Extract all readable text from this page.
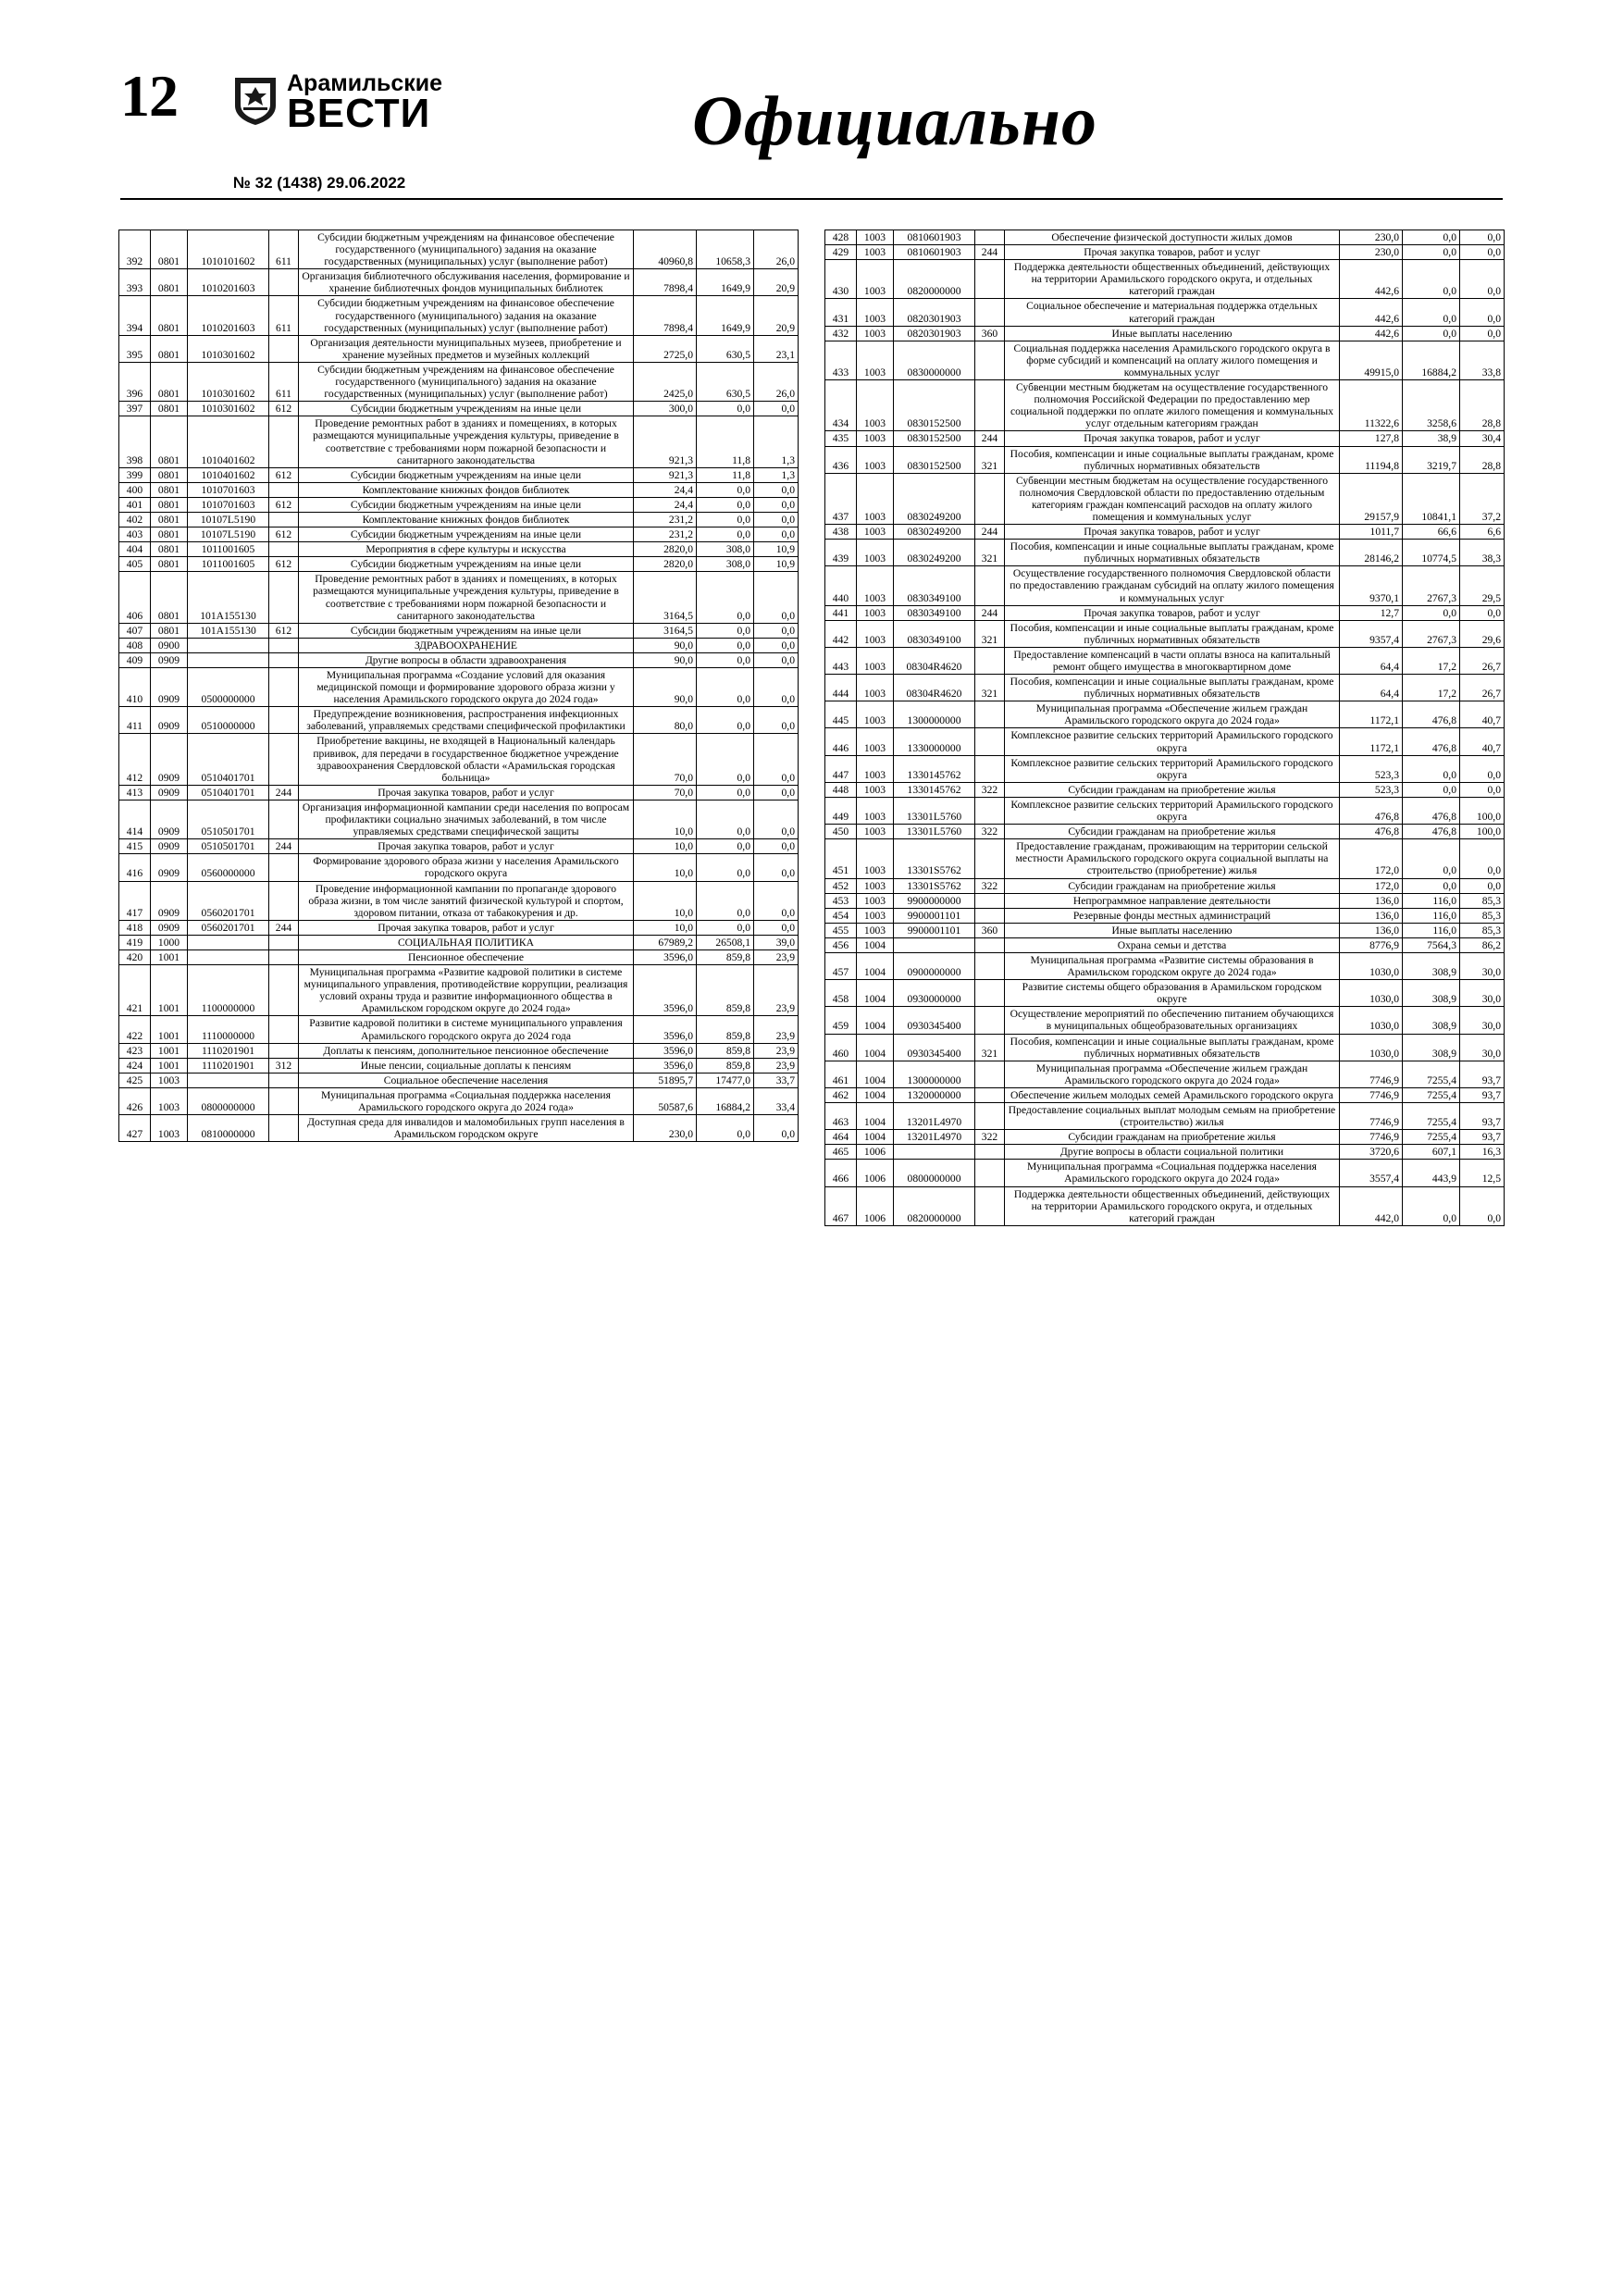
12	Арамильские
ВЕСТИ
№ 32 (1438) 29.06.2022
Официально
392	0801	1010101602	611	Субсидии бюджетным учреждениям на финансовое обеспечение государственного (муниципального) задания на оказание государственных (муниципальных) услуг (выполнение работ)	40960,8	10658,3	26,0
393	0801	1010201603		Организация библиотечного обслуживания населения, формирование и хранение библиотечных фондов муниципальных библиотек	7898,4	1649,9	20,9
394	0801	1010201603	611	Субсидии бюджетным учреждениям на финансовое обеспечение государственного (муниципального) задания на оказание государственных (муниципальных) услуг (выполнение работ)	7898,4	1649,9	20,9
395	0801	1010301602		Организация деятельности муниципальных музеев, приобретение и хранение музейных предметов и музейных коллекций	2725,0	630,5	23,1
396	0801	1010301602	611	Субсидии бюджетным учреждениям на финансовое обеспечение государственного (муниципального) задания на оказание государственных (муниципальных) услуг (выполнение работ)	2425,0	630,5	26,0
397	0801	1010301602	612	Субсидии бюджетным учреждениям на иные цели	300,0	0,0	0,0
398	0801	1010401602		Проведение ремонтных работ в зданиях и помещениях, в которых размещаются муниципальные учреждения культуры, приведение в соответствие с требованиями норм пожарной безопасности и санитарного законодательства	921,3	11,8	1,3
399	0801	1010401602	612	Субсидии бюджетным учреждениям на иные цели	921,3	11,8	1,3
400	0801	1010701603		Комплектование книжных фондов библиотек	24,4	0,0	0,0
401	0801	1010701603	612	Субсидии бюджетным учреждениям на иные цели	24,4	0,0	0,0
402	0801	10107L5190		Комплектование книжных фондов библиотек	231,2	0,0	0,0
403	0801	10107L5190	612	Субсидии бюджетным учреждениям на иные цели	231,2	0,0	0,0
404	0801	1011001605		Мероприятия в сфере культуры и искусства	2820,0	308,0	10,9
405	0801	1011001605	612	Субсидии бюджетным учреждениям на иные цели	2820,0	308,0	10,9
406	0801	101А155130		Проведение ремонтных работ в зданиях и помещениях, в которых размещаются муниципальные учреждения культуры, приведение в соответствие с требованиями норм пожарной безопасности и санитарного законодательства	3164,5	0,0	0,0
407	0801	101А155130	612	Субсидии бюджетным учреждениям на иные цели	3164,5	0,0	0,0
408	0900			ЗДРАВООХРАНЕНИЕ	90,0	0,0	0,0
409	0909			Другие вопросы в области здравоохранения	90,0	0,0	0,0
410	0909	0500000000		Муниципальная программа «Создание условий для оказания медицинской помощи и формирование здорового образа жизни у населения Арамильского городского округа до 2024 года»	90,0	0,0	0,0
411	0909	0510000000		Предупреждение возникновения, распространения инфекционных заболеваний, управляемых средствами специфической профилактики	80,0	0,0	0,0
412	0909	0510401701		Приобретение вакцины, не входящей в Национальный календарь прививок, для передачи в государственное бюджетное учреждение здравоохранения Свердловской области «Арамильская городская больница»	70,0	0,0	0,0
413	0909	0510401701	244	Прочая закупка товаров, работ и услуг	70,0	0,0	0,0
414	0909	0510501701		Организация информационной кампании среди населения по вопросам профилактики социально значимых заболеваний, в том числе управляемых средствами специфической защиты	10,0	0,0	0,0
415	0909	0510501701	244	Прочая закупка товаров, работ и услуг	10,0	0,0	0,0
416	0909	0560000000		Формирование здорового образа жизни у населения Арамильского городского округа	10,0	0,0	0,0
417	0909	0560201701		Проведение информационной кампании по пропаганде здорового образа жизни, в том числе занятий физической культурой и спортом, здоровом питании, отказа от табакокурения и др.	10,0	0,0	0,0
418	0909	0560201701	244	Прочая закупка товаров, работ и услуг	10,0	0,0	0,0
419	1000			СОЦИАЛЬНАЯ ПОЛИТИКА	67989,2	26508,1	39,0
420	1001			Пенсионное обеспечение	3596,0	859,8	23,9
421	1001	1100000000		Муниципальная программа «Развитие кадровой политики в системе муниципального управления, противодействие коррупции, реализация условий охраны труда и развитие информационного общества в Арамильском городском округе до 2024 года»	3596,0	859,8	23,9
422	1001	1110000000		Развитие кадровой политики в системе муниципального управления Арамильского городского округа до 2024 года	3596,0	859,8	23,9
423	1001	1110201901		Доплаты к пенсиям, дополнительное пенсионное обеспечение	3596,0	859,8	23,9
424	1001	1110201901	312	Иные пенсии, социальные доплаты к пенсиям	3596,0	859,8	23,9
425	1003			Социальное обеспечение населения	51895,7	17477,0	33,7
426	1003	0800000000		Муниципальная программа «Социальная поддержка населения Арамильского городского округа до 2024 года»	50587,6	16884,2	33,4
427	1003	0810000000		Доступная среда для инвалидов и маломобильных групп населения в Арамильском городском округе	230,0	0,0	0,0
428	1003	0810601903		Обеспечение физической доступности жилых домов	230,0	0,0	0,0
429	1003	0810601903	244	Прочая закупка товаров, работ и услуг	230,0	0,0	0,0
430	1003	0820000000		Поддержка деятельности общественных объединений, действующих на территории Арамильского городского округа, и отдельных категорий граждан	442,6	0,0	0,0
431	1003	0820301903		Социальное обеспечение и материальная поддержка отдельных категорий граждан	442,6	0,0	0,0
432	1003	0820301903	360	Иные выплаты населению	442,6	0,0	0,0
433	1003	0830000000		Социальная поддержка населения Арамильского городского округа в форме субсидий и компенсаций на оплату жилого помещения и коммунальных услуг	49915,0	16884,2	33,8
434	1003	0830152500		Субвенции местным бюджетам на осуществление государственного полномочия Российской Федерации по предоставлению мер социальной поддержки по оплате жилого помещения и коммунальных услуг отдельным категориям граждан	11322,6	3258,6	28,8
435	1003	0830152500	244	Прочая закупка товаров, работ и услуг	127,8	38,9	30,4
436	1003	0830152500	321	Пособия, компенсации и иные социальные выплаты гражданам, кроме публичных нормативных обязательств	11194,8	3219,7	28,8
437	1003	0830249200		Субвенции местным бюджетам на осуществление государственного полномочия Свердловской области по предоставлению отдельным категориям граждан компенсаций расходов на оплату жилого помещения и коммунальных услуг	29157,9	10841,1	37,2
438	1003	0830249200	244	Прочая закупка товаров, работ и услуг	1011,7	66,6	6,6
439	1003	0830249200	321	Пособия, компенсации и иные социальные выплаты гражданам, кроме публичных нормативных обязательств	28146,2	10774,5	38,3
440	1003	0830349100		Осуществление государственного полномочия Свердловской области по предоставлению гражданам субсидий на оплату жилого помещения и коммунальных услуг	9370,1	2767,3	29,5
441	1003	0830349100	244	Прочая закупка товаров, работ и услуг	12,7	0,0	0,0
442	1003	0830349100	321	Пособия, компенсации и иные социальные выплаты гражданам, кроме публичных нормативных обязательств	9357,4	2767,3	29,6
443	1003	08304R4620		Предоставление компенсаций в части оплаты взноса на капитальный ремонт общего имущества в многоквартирном доме	64,4	17,2	26,7
444	1003	08304R4620	321	Пособия, компенсации и иные социальные выплаты гражданам, кроме публичных нормативных обязательств	64,4	17,2	26,7
445	1003	1300000000		Муниципальная программа «Обеспечение жильем граждан Арамильского городского округа до 2024 года»	1172,1	476,8	40,7
446	1003	1330000000		Комплексное развитие сельских территорий Арамильского городского округа	1172,1	476,8	40,7
447	1003	1330145762		Комплексное развитие сельских территорий Арамильского городского округа	523,3	0,0	0,0
448	1003	1330145762	322	Субсидии гражданам на приобретение жилья	523,3	0,0	0,0
449	1003	13301L5760		Комплексное развитие сельских территорий Арамильского городского округа	476,8	476,8	100,0
450	1003	13301L5760	322	Субсидии гражданам на приобретение жилья	476,8	476,8	100,0
451	1003	13301S5762		Предоставление гражданам, проживающим на территории сельской местности Арамильского городского округа социальной выплаты на строительство (приобретение) жилья	172,0	0,0	0,0
452	1003	13301S5762	322	Субсидии гражданам на приобретение жилья	172,0	0,0	0,0
453	1003	9900000000		Непрограммное направление деятельности	136,0	116,0	85,3
454	1003	9900001101		Резервные фонды местных администраций	136,0	116,0	85,3
455	1003	9900001101	360	Иные выплаты населению	136,0	116,0	85,3
456	1004			Охрана семьи и детства	8776,9	7564,3	86,2
457	1004	0900000000		Муниципальная программа «Развитие системы образования в Арамильском городском округе до 2024 года»	1030,0	308,9	30,0
458	1004	0930000000		Развитие системы общего образования в Арамильском городском округе	1030,0	308,9	30,0
459	1004	0930345400		Осуществление мероприятий по обеспечению питанием обучающихся в муниципальных общеобразовательных организациях	1030,0	308,9	30,0
460	1004	0930345400	321	Пособия, компенсации и иные социальные выплаты гражданам, кроме публичных нормативных обязательств	1030,0	308,9	30,0
461	1004	1300000000		Муниципальная программа «Обеспечение жильем граждан Арамильского городского округа до 2024 года»	7746,9	7255,4	93,7
462	1004	1320000000		Обеспечение жильем молодых семей Арамильского городского округа	7746,9	7255,4	93,7
463	1004	13201L4970		Предоставление социальных выплат молодым семьям на приобретение (строительство) жилья	7746,9	7255,4	93,7
464	1004	13201L4970	322	Субсидии гражданам на приобретение жилья	7746,9	7255,4	93,7
465	1006			Другие вопросы в области социальной политики	3720,6	607,1	16,3
466	1006	0800000000		Муниципальная программа «Социальная поддержка населения Арамильского городского округа до 2024 года»	3557,4	443,9	12,5
467	1006	0820000000		Поддержка деятельности общественных объединений, действующих на территории Арамильского городского округа, и отдельных категорий граждан	442,0	0,0	0,0
